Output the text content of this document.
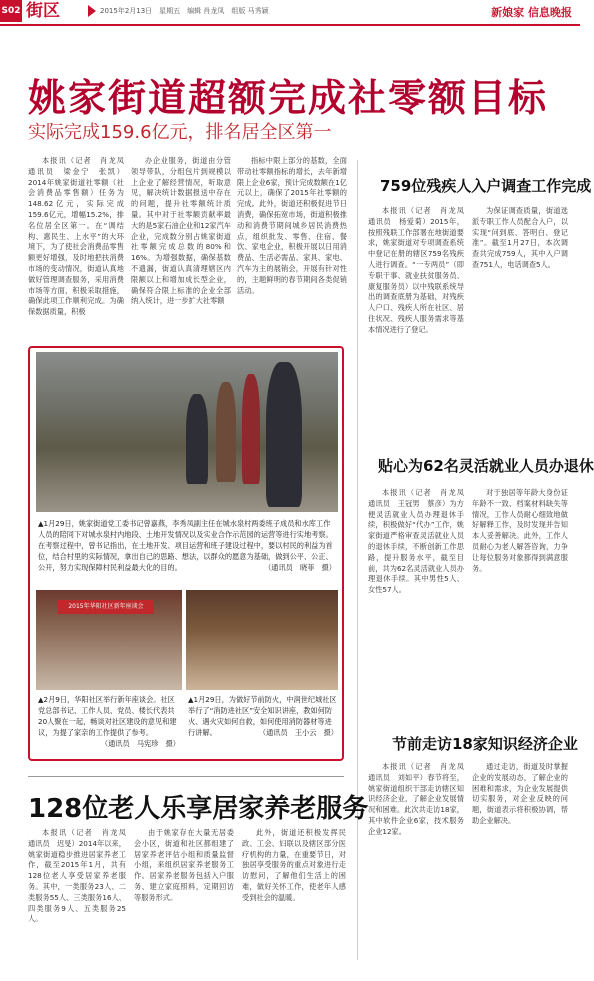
S02 街区	2015年2月13日　星期五　编辑 肖龙凤　组版 马秀颖	新娘家 信息晚报
姚家街道超额完成社零额目标
实际完成159.6亿元，排名居全区第一

本报讯（记者　肖龙凤　通讯员　梁金宁　张凯）2014年姚家街道社零额（社会消费品零售额）任务为148.62亿元，实际完成159.6亿元，增幅15.2%，排名位居全区第一。在“调结构、惠民生、上水平”的大环境下，为了使社会消费品零售额更好增强，及时地把扶消费市场的变动情况，街道认真地做好管理调查服务，采用消费市场等方面，积极采取措施，确保此项工作顺利完成。为确保数据质量，积极

办企业服务，街道由分管领导带队，分组包片到规模以上企业了解经营情况，听取意见，解决统计数据报送中存在的问题，提升社零额统计质量。其中对于社零额贡献率最大的是5家石油企业和12家汽车企业，完成数分别占姚家街道社零额完成总数的80%和16%。为增强数据，确保基数不遗漏，街道认真清理辖区内限额以上和增加成长型企业，确保符合限上标准的企业全部纳入统计，进一步扩大社零额

指标中限上部分的基数，全面带动社零额指标的增长，去年新增限上企业6家，预计完成数额在1亿元以上，确保了2015年社零额的完成。此外，街道还积极促进节日消费，确保拓宽市场，街道积极推动和消费节期间城乡居民消费热点，组织批发、零售、住宿、餐饮、家电企业，积极开展以日用消费品、生活必需品、家具、家电、汽车为主的展销会，开展有针对性的，主题鲜明的春节期间各类促销活动。

▲1月29日，姚家街道党工委书记曾嘉燕，李秀凤副主任在城水泉村两委班子成员和水库工作人员的陪同下对城水泉村内地段、土地开发情况以及实业合作示范园的运营等进行实地考察。在考察过程中，曾书记指出，在土地开发、项目运营和班子建设过程中，要以村民的利益为首位，结合村里的实际情况，拿出自己的思路、想法，以群众的愿意为基础，做到公平、公正、公开，努力实现保障村民利益最大化的目的。	（通讯员　晓菲　摄）
2015年华阳社区新年座谈会
▲2月9日，华阳社区举行新年座谈会。社区党总部书记、工作人员、党员、楼长代表共20人聚在一起，畅谈对社区建设的意见和建议，为提了家亲的工作提供了参考。
（通讯员　马宪珍　摄）
▲1月29日，为做好节前防火，中润世纪城社区举行了“消防进社区”安全知识讲座，教如何防火、遇火灾如何自救，如何使用消防器材等进行讲解。	（通讯员　王小云　摄）
759位残疾人入户调查工作完成

本报讯（记者　肖龙凤　通讯员　杨爱菊）2015年，按照残联工作部署在地街道要求，姚家街道对专项调查系统中登记在册的辖区759名残疾人进行调查。“一专两员”（即专职干事、就业扶贫服务员、康复服务员）以中残联系统导出的调查底册为基础，对残疾人户口、残疾人所在社区、居住状况、残疾人服务需求等基本情况进行了登记。

为保证调查质量，街道选派专职工作人员配合入户，以实现“问到底、答明白、登记准”。截至1月27日，本次调查共完成759人，其中入户调查751人，电话调查5人。

贴心为62名灵活就业人员办退休

本报讯（记者　肖龙凤　通讯员　王冠男　蔡彦）为方便灵活就业人员办理退休手续，积极做好“代办”工作，姚家街道严格审查灵活就业人员的退休手续，不断创新工作思路，提升服务水平，截至目前，共为62名灵活就业人员办理退休手续。其中男性5人、女性57人。

对于独居等年龄大身份证年龄不一致、档案材料缺失等情况，工作人员耐心细致地做好解释工作，及时发现并告知本人妥善解决。此外，工作人员耐心为老人解答咨询，力争让每位服务对象都得到满意服务。

节前走访18家知识经济企业

本报讯（记者　肖龙凤　通讯员　刘如平）春节将至，姚家街道组织干部走访辖区知识经济企业，了解企业发展情况和困难。此次共走访18家，其中软件企业6家，技术服务企业12家。

通过走访，街道及时掌握企业的发展动态，了解企业的困难和需求，为企业发展提供切实服务，对企业反映的问题，街道表示将积极协调，帮助企业解决。

128位老人乐享居家养老服务

本报讯（记者　肖龙凤　通讯员　迟旻）2014年以来，姚家街道稳步推进居家养老工作，截至2015年1月，共有128位老人享受居家养老服务。其中，一类服务23人、二类服务55人、三类服务16人、四类服务9人、五类服务25人。

由于姚家存在大量无居委会小区，街道和社区都组建了居家养老评估小组和质量监督小组，来组织居家养老服务工作。居家养老服务包括入户服务、建立家庭照料，定期回访等服务形式。

此外，街道还积极发挥民政、工会、妇联以及辖区部分医疗机构的力量，在重要节日，对独居享受服务的重点对象进行走访慰问，了解他们生活上的困难，做好关怀工作，使老年人感受到社会的温暖。
